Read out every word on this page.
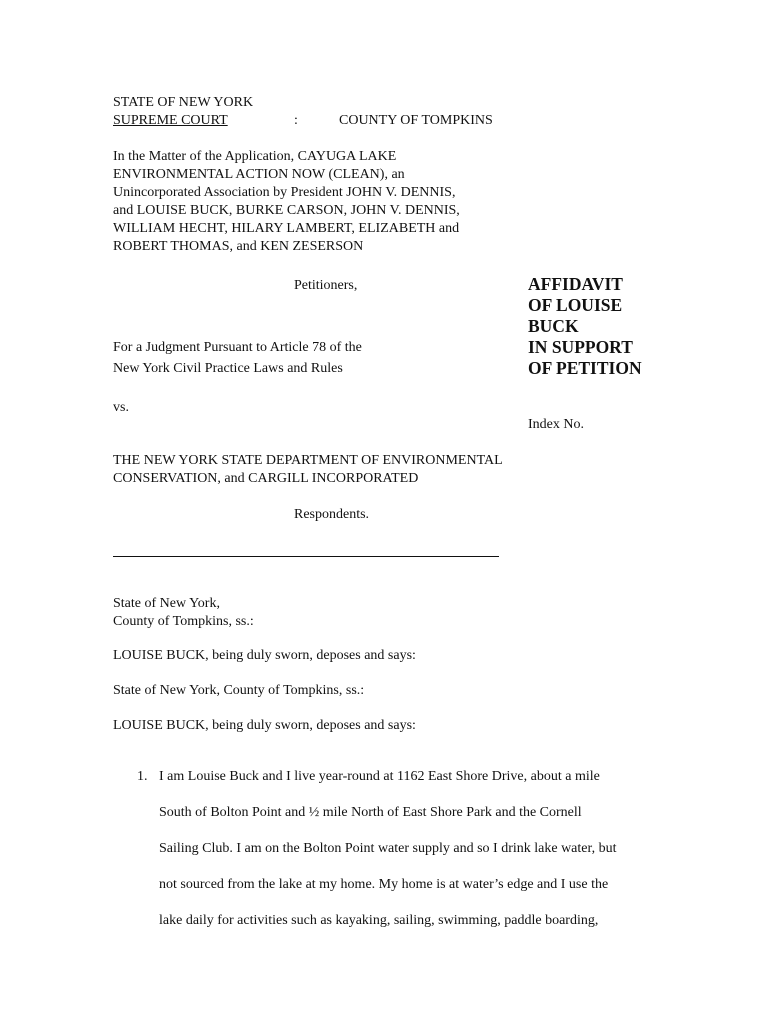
STATE OF NEW YORK
SUPREME COURT	:	COUNTY OF TOMPKINS
In the Matter of the Application, CAYUGA LAKE
ENVIRONMENTAL ACTION NOW (CLEAN), an
Unincorporated Association by President JOHN V. DENNIS,
and LOUISE BUCK, BURKE CARSON, JOHN V. DENNIS,
WILLIAM HECHT, HILARY LAMBERT, ELIZABETH and
ROBERT THOMAS, and KEN ZESERSON
Petitioners,	AFFIDAVIT
OF LOUISE
BUCK
IN SUPPORT
OF PETITION
For a Judgment Pursuant to Article 78 of the
New York Civil Practice Laws and Rules
vs.
Index No.
THE NEW YORK STATE DEPARTMENT OF ENVIRONMENTAL
CONSERVATION, and CARGILL INCORPORATED
Respondents.
State of New York,
County of Tompkins, ss.:
LOUISE BUCK, being duly sworn, deposes and says:
State of New York, County of Tompkins, ss.:
LOUISE BUCK, being duly sworn, deposes and says:
1. I am Louise Buck and I live year-round at 1162 East Shore Drive, about a mile
South of Bolton Point and ½ mile North of East Shore Park and the Cornell
Sailing Club. I am on the Bolton Point water supply and so I drink lake water, but
not sourced from the lake at my home. My home is at water’s edge and I use the
lake daily for activities such as kayaking, sailing, swimming, paddle boarding,
